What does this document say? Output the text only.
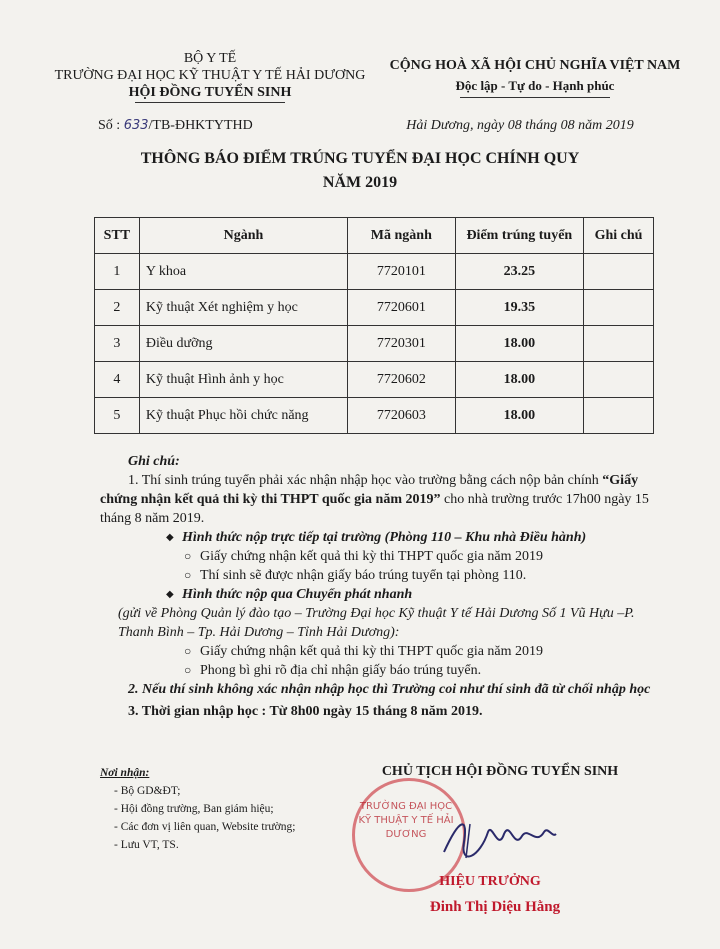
BỘ Y TẾ
TRƯỜNG ĐẠI HỌC KỸ THUẬT Y TẾ HẢI DƯƠNG
HỘI ĐỒNG TUYỂN SINH
CỘNG HOÀ XÃ HỘI CHỦ NGHĨA VIỆT NAM
Độc lập - Tự do - Hạnh phúc
Số : 633/TB-ĐHKTYTHD	Hải Dương, ngày 08 tháng 08 năm 2019
THÔNG BÁO ĐIỂM TRÚNG TUYỂN ĐẠI HỌC CHÍNH QUY
NĂM 2019
STT	Ngành	Mã ngành	Điểm trúng tuyển	Ghi chú
1	Y khoa	7720101	23.25	
2	Kỹ thuật Xét nghiệm y học	7720601	19.35	
3	Điều dưỡng	7720301	18.00	
4	Kỹ thuật Hình ảnh y học	7720602	18.00	
5	Kỹ thuật Phục hồi chức năng	7720603	18.00	

Ghi chú:

1. Thí sinh trúng tuyển phải xác nhận nhập học vào trường bằng cách nộp bản chính “Giấy chứng nhận kết quả thi kỳ thi THPT quốc gia năm 2019” cho nhà trường trước 17h00 ngày 15 tháng 8 năm 2019.

◆ Hình thức nộp trực tiếp tại trường (Phòng 110 – Khu nhà Điều hành)

○ Giấy chứng nhận kết quả thi kỳ thi THPT quốc gia năm 2019

○ Thí sinh sẽ được nhận giấy báo trúng tuyển tại phòng 110.

◆ Hình thức nộp qua Chuyển phát nhanh

(gửi về Phòng Quản lý đào tạo – Trường Đại học Kỹ thuật Y tế Hải Dương Số 1 Vũ Hựu –P. Thanh Bình – Tp. Hải Dương – Tỉnh Hải Dương):

○ Giấy chứng nhận kết quả thi kỳ thi THPT quốc gia năm 2019

○ Phong bì ghi rõ địa chỉ nhận giấy báo trúng tuyển.

2. Nếu thí sinh không xác nhận nhập học thì Trường coi như thí sinh đã từ chối nhập học

3. Thời gian nhập học : Từ 8h00 ngày 15 tháng 8 năm 2019.

Nơi nhận:
- Bộ GD&ĐT;
- Hội đồng trường, Ban giám hiệu;
- Các đơn vị liên quan, Website trường;
- Lưu VT, TS.
CHỦ TỊCH HỘI ĐỒNG TUYỂN SINH
TRƯỜNG ĐẠI HỌC KỸ THUẬT Y TẾ HẢI DƯƠNG
HIỆU TRƯỞNG
Đinh Thị Diệu Hằng
